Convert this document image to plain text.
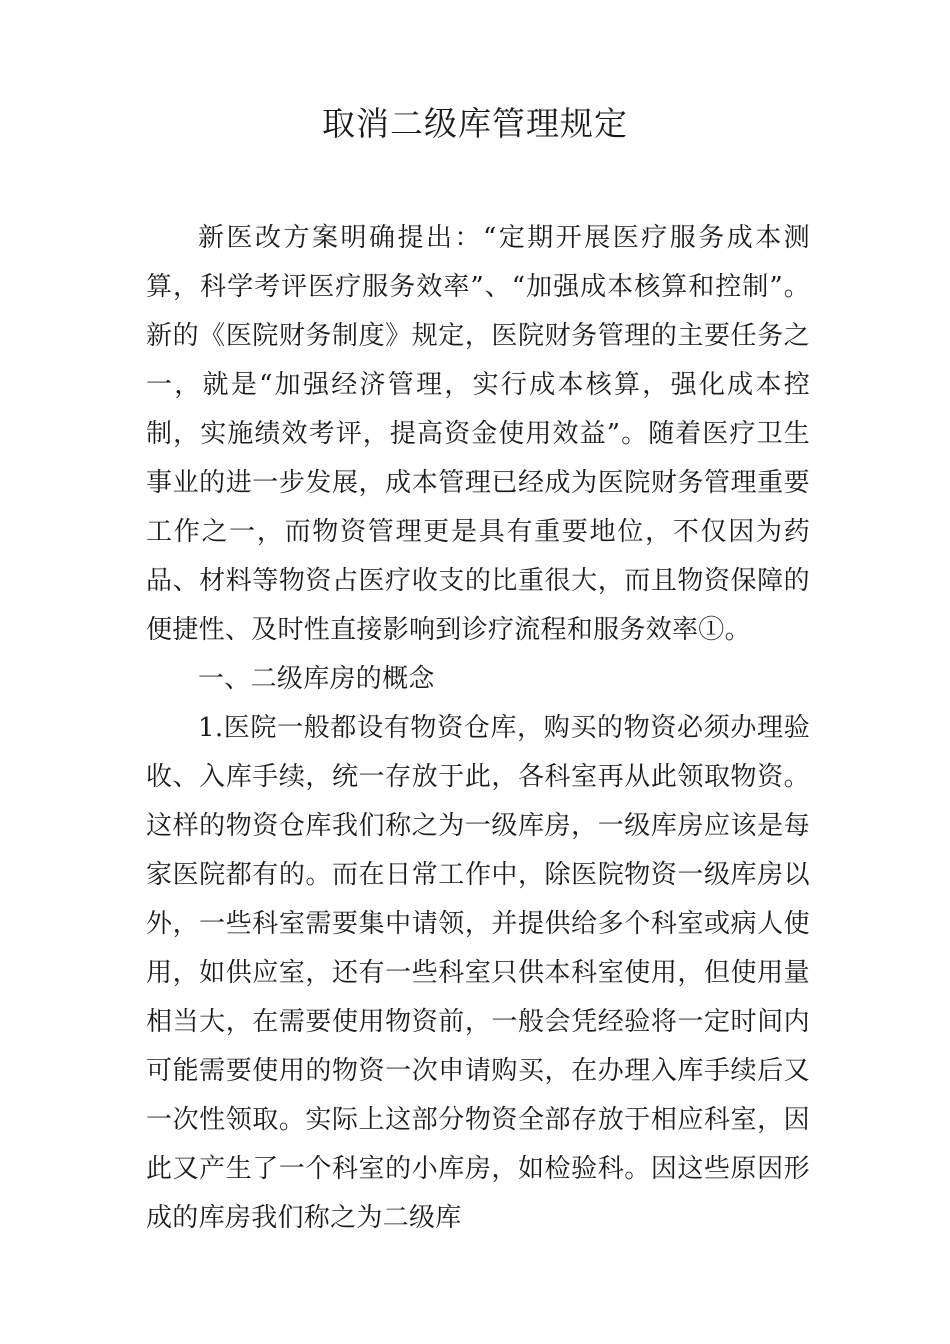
取消二级库管理规定

新医改方案明确提出：“定期开展医疗服务成本测算，科学考评医疗服务效率”、“加强成本核算和控制”。新的《医院财务制度》规定，医院财务管理的主要任务之一，就是“加强经济管理，实行成本核算，强化成本控制，实施绩效考评，提高资金使用效益”。随着医疗卫生事业的进一步发展，成本管理已经成为医院财务管理重要工作之一，而物资管理更是具有重要地位，不仅因为药品、材料等物资占医疗收支的比重很大，而且物资保障的便捷性、及时性直接影响到诊疗流程和服务效率①。

一、二级库房的概念

1.医院一般都设有物资仓库，购买的物资必须办理验收、入库手续，统一存放于此，各科室再从此领取物资。这样的物资仓库我们称之为一级库房，一级库房应该是每家医院都有的。而在日常工作中，除医院物资一级库房以外，一些科室需要集中请领，并提供给多个科室或病人使用，如供应室，还有一些科室只供本科室使用，但使用量相当大，在需要使用物资前，一般会凭经验将一定时间内可能需要使用的物资一次申请购买，在办理入库手续后又一次性领取。实际上这部分物资全部存放于相应科室，因此又产生了一个科室的小库房，如检验科。因这些原因形成的库房我们称之为二级库
